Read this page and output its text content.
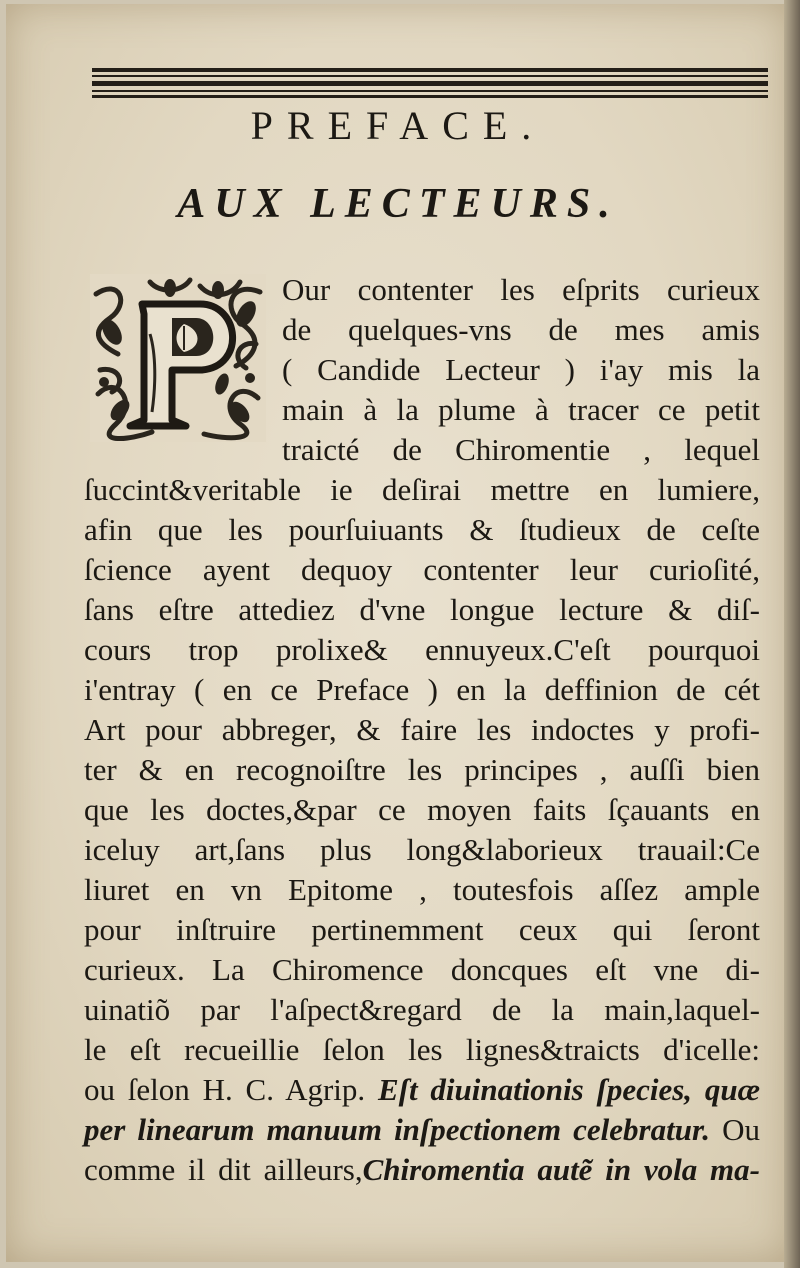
PREFACE.
AUX LECTEURS.
Our contenter les eſprits curieux
de quelques-vns de mes amis
( Candide Lecteur ) i'ay mis la
main à la plume à tracer ce petit
traicté de Chiromentie , lequel
ſuccint&veritable ie deſirai mettre en lumiere,
afin que les pourſuiuants & ſtudieux de ceſte
ſcience ayent dequoy contenter leur curioſité,
ſans eſtre attediez d'vne longue lecture & diſ-
cours trop prolixe& ennuyeux.C'eſt pourquoi
i'entray ( en ce Preface ) en la deffinion de cét
Art pour abbreger, & faire les indoctes y profi-
ter & en recognoiſtre les principes , auſſi bien
que les doctes,&par ce moyen faits ſçauants en
iceluy art,ſans plus long&laborieux trauail:Ce
liuret en vn Epitome , toutesfois aſſez ample
pour inſtruire pertinemment ceux qui ſeront
curieux. La Chiromence doncques eſt vne di-
uinatiõ par l'aſpect&regard de la main,laquel-
le eſt recueillie ſelon les lignes&traicts d'icelle:
ou ſelon H. C. Agrip. Eſt diuinationis ſpecies, quæ
per linearum manuum inſpectionem celebratur. Ou
comme il dit ailleurs,Chiromentia autẽ in vola ma-
